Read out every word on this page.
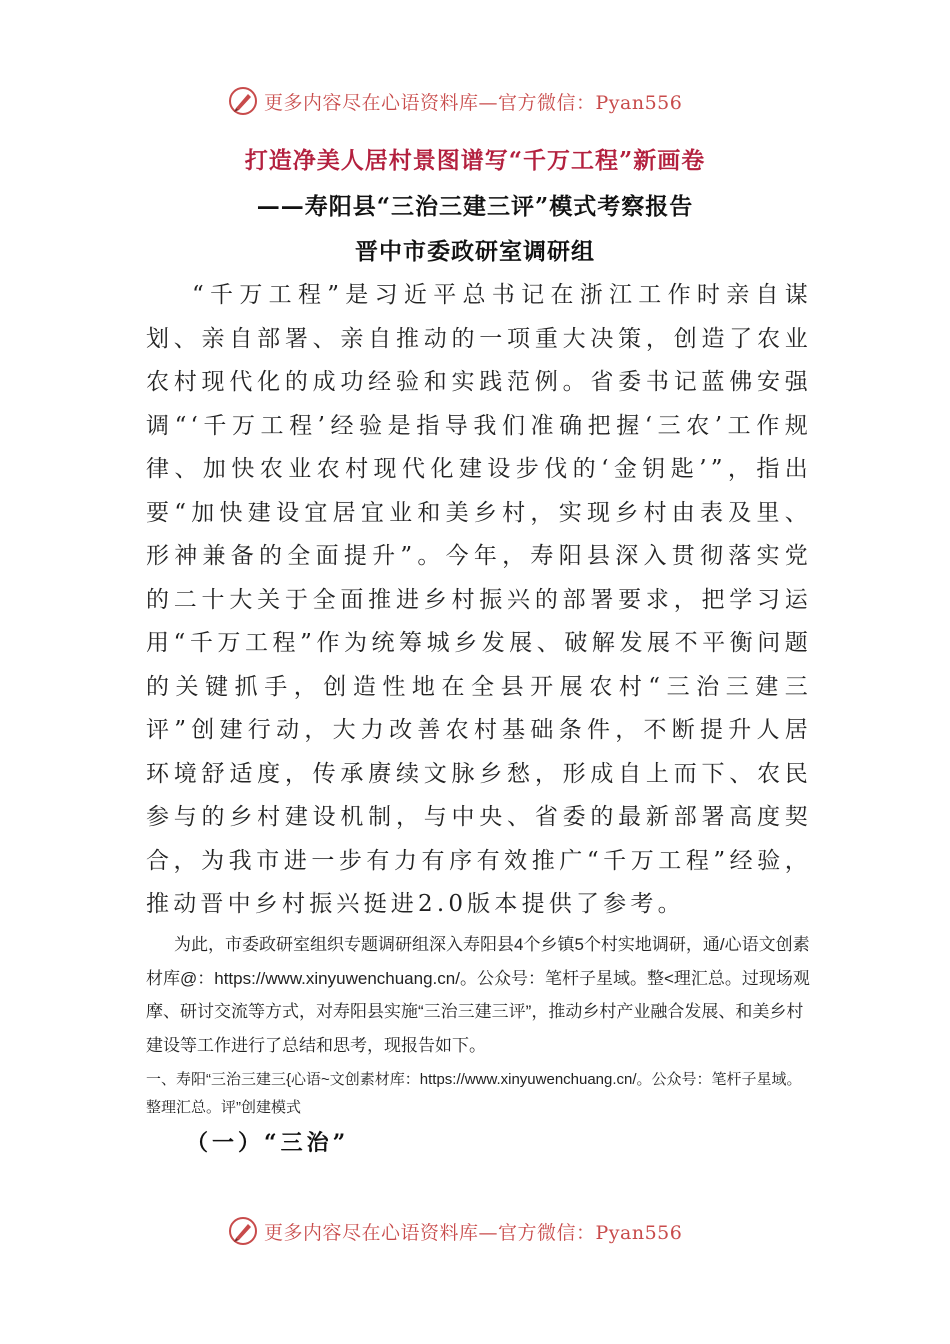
更多内容尽在心语资料库—官方微信：Pyan556
打造净美人居村景图谱写“千万工程”新画卷
——寿阳县“三治三建三评”模式考察报告
晋中市委政研室调研组

“千万工程”是习近平总书记在浙江工作时亲自谋划、亲自部署、亲自推动的一项重大决策，创造了农业农村现代化的成功经验和实践范例。省委书记蓝佛安强调“‘千万工程’经验是指导我们准确把握‘三农’工作规律、加快农业农村现代化建设步伐的‘金钥匙’”，指出要“加快建设宜居宜业和美乡村，实现乡村由表及里、形神兼备的全面提升”。今年，寿阳县深入贯彻落实党的二十大关于全面推进乡村振兴的部署要求，把学习运用“千万工程”作为统筹城乡发展、破解发展不平衡问题的关键抓手，创造性地在全县开展农村“三治三建三评”创建行动，大力改善农村基础条件，不断提升人居环境舒适度，传承赓续文脉乡愁，形成自上而下、农民参与的乡村建设机制，与中央、省委的最新部署高度契合，为我市进一步有力有序有效推广“千万工程”经验，推动晋中乡村振兴挺进2.0版本提供了参考。

为此，市委政研室组织专题调研组深入寿阳县4个乡镇5个村实地调研，通/心语文创素材库@：https://www.xinyuwenchuang.cn/。公众号：笔杆子星域。整<理汇总。过现场观摩、研讨交流等方式，对寿阳县实施“三治三建三评”，推动乡村产业融合发展、和美乡村建设等工作进行了总结和思考，现报告如下。

一、寿阳“三治三建三{心语~文创素材库：https://www.xinyuwenchuang.cn/。公众号：笔杆子星域。整理汇总。评”创建模式

（一）“三治”
更多内容尽在心语资料库—官方微信：Pyan556
